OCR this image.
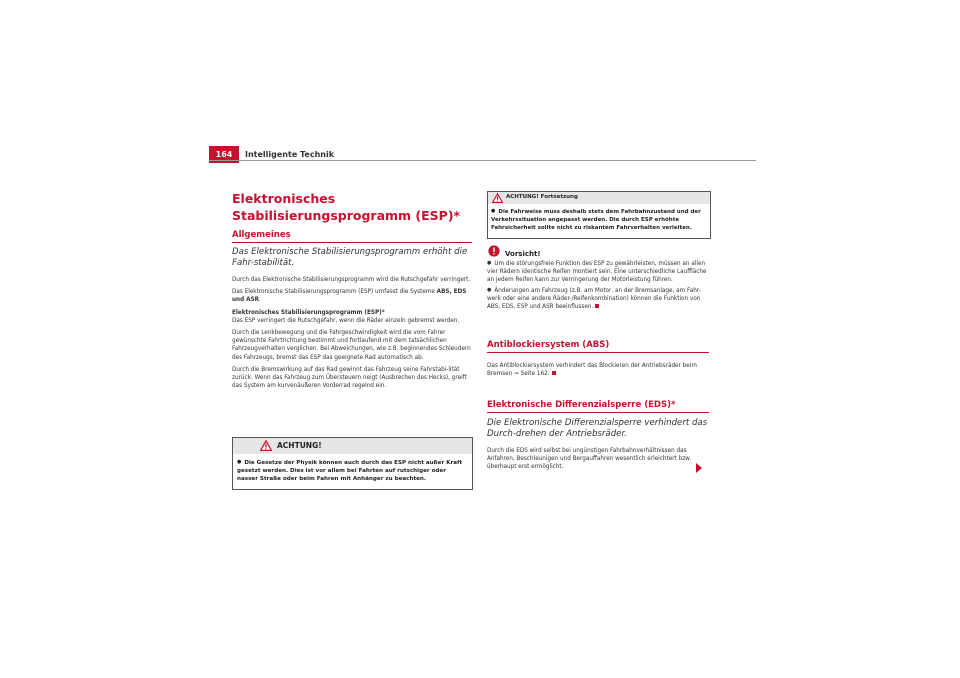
164	Intelligente Technik
Elektronisches Stabilisierungsprogramm (ESP)*
Allgemeines
Das Elektronische Stabilisierungsprogramm erhöht die Fahr-stabilität.

Durch das Elektronische Stabilisierungsprogramm wird die Rutschgefahr verringert.

Das Elektronische Stabilisierungsprogramm (ESP) umfasst die Systeme ABS, EDS und ASR.

Elektronisches Stabilisierungsprogramm (ESP)*

Das ESP verringert die Rutschgefahr, wenn die Räder einzeln gebremst werden.

Durch die Lenkbewegung und die Fahrgeschwindigkeit wird die vom Fahrer gewünschte Fahrtrichtung bestimmt und fortlaufend mit dem tatsächlichen Fahrzeugverhalten verglichen. Bei Abweichungen, wie z.B. beginnendes Schleudern des Fahrzeugs, bremst das ESP das geeignete Rad automatisch ab.

Durch die Bremswirkung auf das Rad gewinnt das Fahrzeug seine Fahrstabi-lität zurück. Wenn das Fahrzeug zum Übersteuern neigt (Ausbrechen des Hecks), greift das System am kurvenäußeren Vorderrad regelnd ein.

ACHTUNG!
● Die Gesetze der Physik können auch durch das ESP nicht außer Kraft gesetzt werden. Dies ist vor allem bei Fahrten auf rutschiger oder nasser Straße oder beim Fahren mit Anhänger zu beachten.
ACHTUNG! Fortsetzung
● Die Fahrweise muss deshalb stets dem Fahrbahnzustand und der Verkehrssituation angepasst werden. Die durch ESP erhöhte Fahrsicherheit sollte nicht zu riskantem Fahrverhalten verleiten.
Vorsicht!

● Um die störungsfreie Funktion des ESP zu gewährleisten, müssen an allen vier Rädern identische Reifen montiert sein. Eine unterschiedliche Lauffläche an jedem Reifen kann zur Verringerung der Motorleistung führen.

● Änderungen am Fahrzeug (z.B. am Motor, an der Bremsanlage, am Fahr-werk oder eine andere Räder-/Reifenkombination) können die Funktion von ABS, EDS, ESP und ASR beeinflussen.

Antiblockiersystem (ABS)

Das Antiblockiersystem verhindert das Blockieren der Antriebsräder beim Bremsen ⇒ Seite 162.

Elektronische Differenzialsperre (EDS)*
Die Elektronische Differenzialsperre verhindert das Durch-drehen der Antriebsräder.

Durch die EDS wird selbst bei ungünstigen Fahrbahnverhältnissen das Anfahren, Beschleunigen und Bergauffahren wesentlich erleichtert bzw. überhaupt erst ermöglicht.
